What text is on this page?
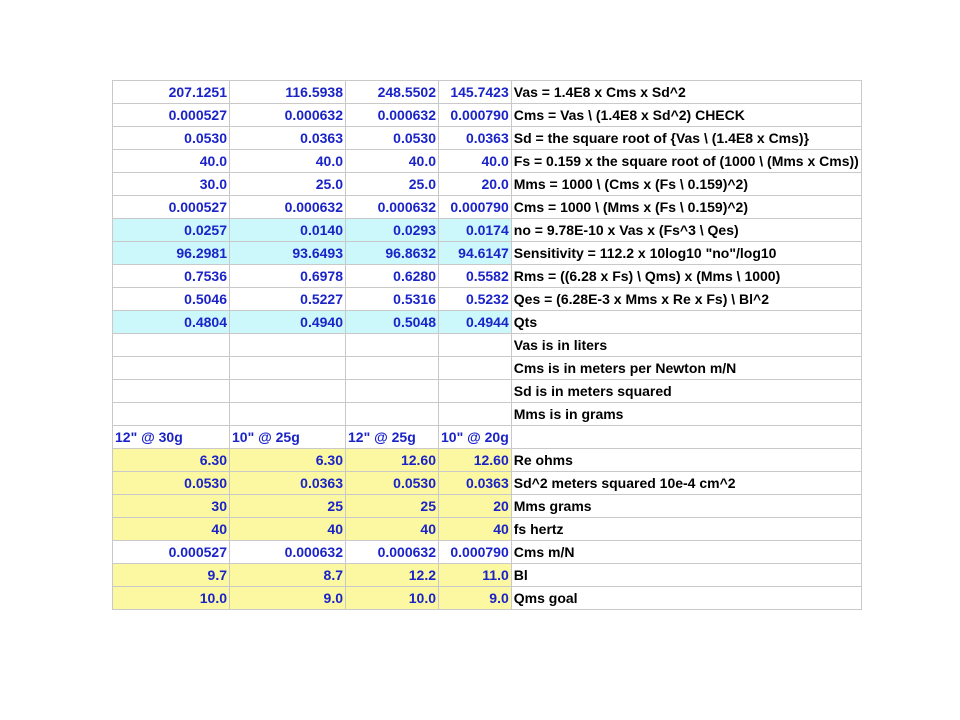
207.1251	116.5938	248.5502	145.7423	Vas = 1.4E8 x Cms x Sd^2
0.000527	0.000632	0.000632	0.000790	Cms = Vas \ (1.4E8 x Sd^2) CHECK
0.0530	0.0363	0.0530	0.0363	Sd = the square root of {Vas \ (1.4E8 x Cms)}
40.0	40.0	40.0	40.0	Fs = 0.159 x the square root of (1000 \ (Mms x Cms))
30.0	25.0	25.0	20.0	Mms = 1000 \ (Cms x (Fs \ 0.159)^2)
0.000527	0.000632	0.000632	0.000790	Cms = 1000 \ (Mms x (Fs \ 0.159)^2)
0.0257	0.0140	0.0293	0.0174	no = 9.78E-10 x Vas x (Fs^3 \ Qes)
96.2981	93.6493	96.8632	94.6147	Sensitivity = 112.2 x 10log10 "no"/log10
0.7536	0.6978	0.6280	0.5582	Rms = ((6.28 x Fs) \ Qms) x (Mms \ 1000)
0.5046	0.5227	0.5316	0.5232	Qes = (6.28E-3 x Mms x Re x Fs) \ Bl^2
0.4804	0.4940	0.5048	0.4944	Qts
				Vas is in liters
				Cms is in meters per Newton m/N
				Sd is in meters squared
				Mms is in grams
12" @ 30g	10" @ 25g	12" @ 25g	10" @ 20g	
6.30	6.30	12.60	12.60	Re ohms
0.0530	0.0363	0.0530	0.0363	Sd^2 meters squared 10e-4 cm^2
30	25	25	20	Mms grams
40	40	40	40	fs hertz
0.000527	0.000632	0.000632	0.000790	Cms m/N
9.7	8.7	12.2	11.0	Bl
10.0	9.0	10.0	9.0	Qms goal
